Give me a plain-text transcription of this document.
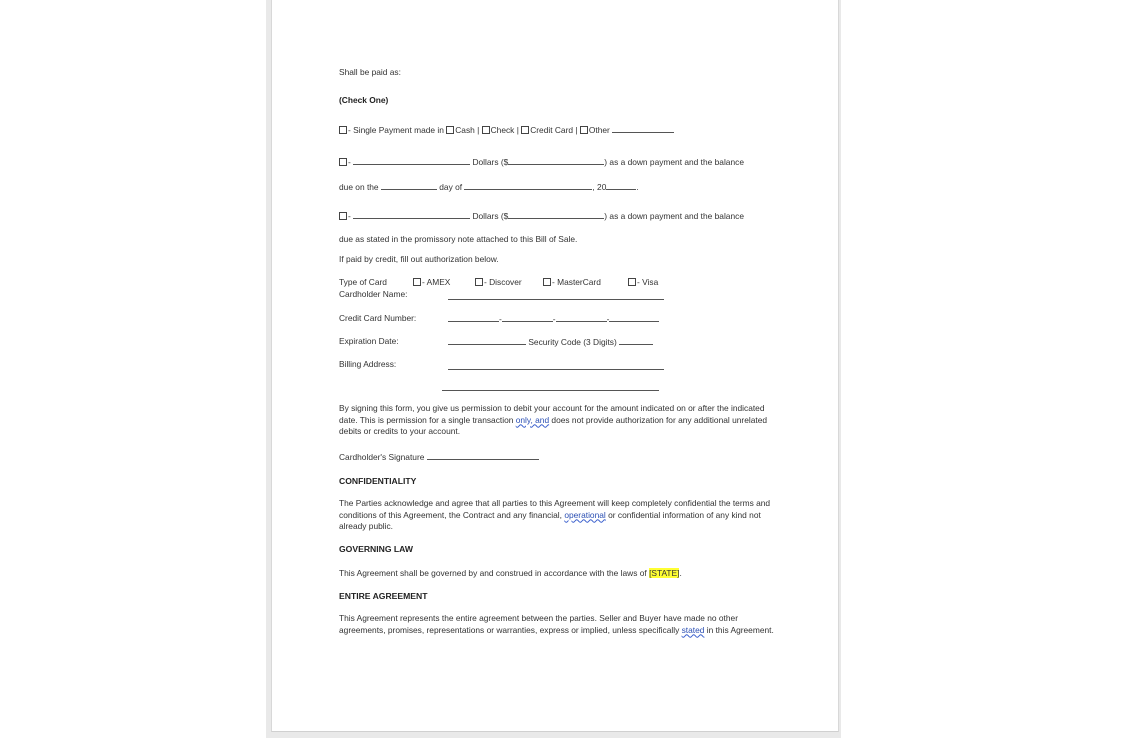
Shall be paid as:
(Check One)
- Single Payment made in Cash | Check | Credit Card | Other
-	Dollars ($	) as a down payment and the balance
due on the	day of	, 20	.
-	Dollars ($	) as a down payment and the balance
due as stated in the promissory note attached to this Bill of Sale.
If paid by credit, fill out authorization below.
Type of Card	- AMEX	- Discover	- MasterCard	- Visa
Cardholder Name:
Credit Card Number:	-	-	-
Expiration Date:	Security Code (3 Digits)
Billing Address:
By signing this form, you give us permission to debit your account for the amount indicated on or after the indicated date. This is permission for a single transaction only, and does not provide authorization for any additional unrelated debits or credits to your account.
Cardholder's Signature
CONFIDENTIALITY
The Parties acknowledge and agree that all parties to this Agreement will keep completely confidential the terms and conditions of this Agreement, the Contract and any financial, operational or confidential information of any kind not already public.
GOVERNING LAW
This Agreement shall be governed by and construed in accordance with the laws of [STATE].
ENTIRE AGREEMENT
This Agreement represents the entire agreement between the parties. Seller and Buyer have made no other agreements, promises, representations or warranties, express or implied, unless specifically stated in this Agreement.
